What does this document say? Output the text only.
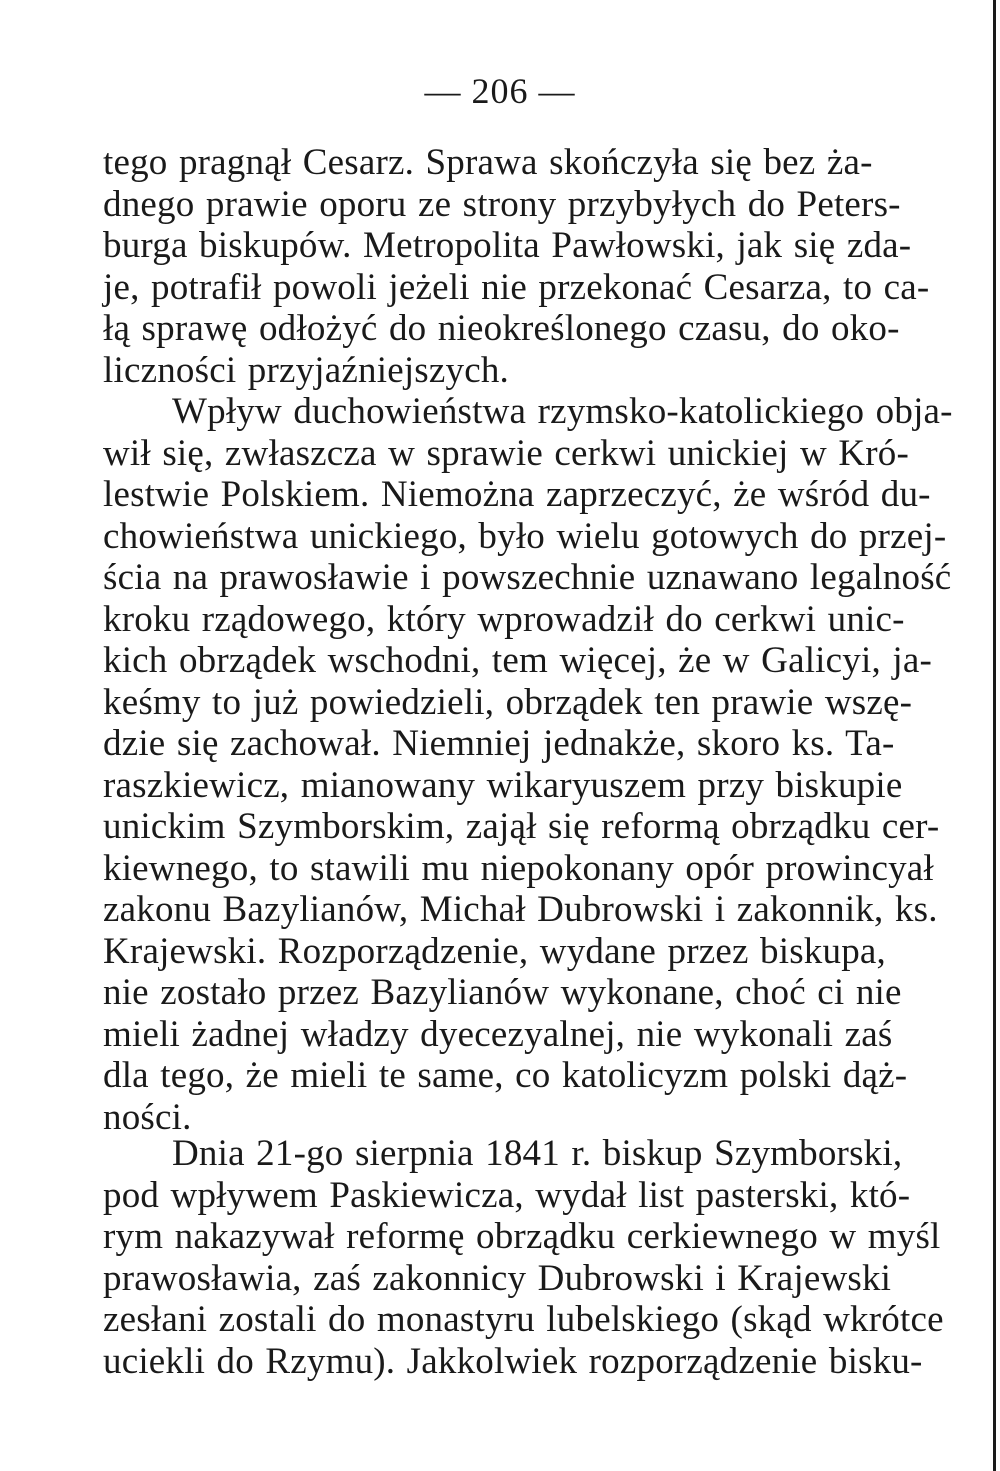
— 206 —
tego pragnął Cesarz. Sprawa skończyła się bez ża-
dnego prawie oporu ze strony przybyłych do Peters-
burga biskupów. Metropolita Pawłowski, jak się zda-
je, potrafił powoli jeżeli nie przekonać Cesarza, to ca-
łą sprawę odłożyć do nieokreślonego czasu, do oko-
liczności przyjaźniejszych.
Wpływ duchowieństwa rzymsko-katolickiego obja-
wił się, zwłaszcza w sprawie cerkwi unickiej w Kró-
lestwie Polskiem. Niemożna zaprzeczyć, że wśród du-
chowieństwa unickiego, było wielu gotowych do przej-
ścia na prawosławie i powszechnie uznawano legalność
kroku rządowego, który wprowadził do cerkwi unic-
kich obrządek wschodni, tem więcej, że w Galicyi, ja-
keśmy to już powiedzieli, obrządek ten prawie wszę-
dzie się zachował. Niemniej jednakże, skoro ks. Ta-
raszkiewicz, mianowany wikaryuszem przy biskupie
unickim Szymborskim, zajął się reformą obrządku cer-
kiewnego, to stawili mu niepokonany opór prowincyał
zakonu Bazylianów, Michał Dubrowski i zakonnik, ks.
Krajewski. Rozporządzenie, wydane przez biskupa,
nie zostało przez Bazylianów wykonane, choć ci nie
mieli żadnej władzy dyecezyalnej, nie wykonali zaś
dla tego, że mieli te same, co katolicyzm polski dąż-
ności.
Dnia 21-go sierpnia 1841 r. biskup Szymborski,
pod wpływem Paskiewicza, wydał list pasterski, któ-
rym nakazywał reformę obrządku cerkiewnego w myśl
prawosławia, zaś zakonnicy Dubrowski i Krajewski
zesłani zostali do monastyru lubelskiego (skąd wkrótce
uciekli do Rzymu). Jakkolwiek rozporządzenie bisku-
